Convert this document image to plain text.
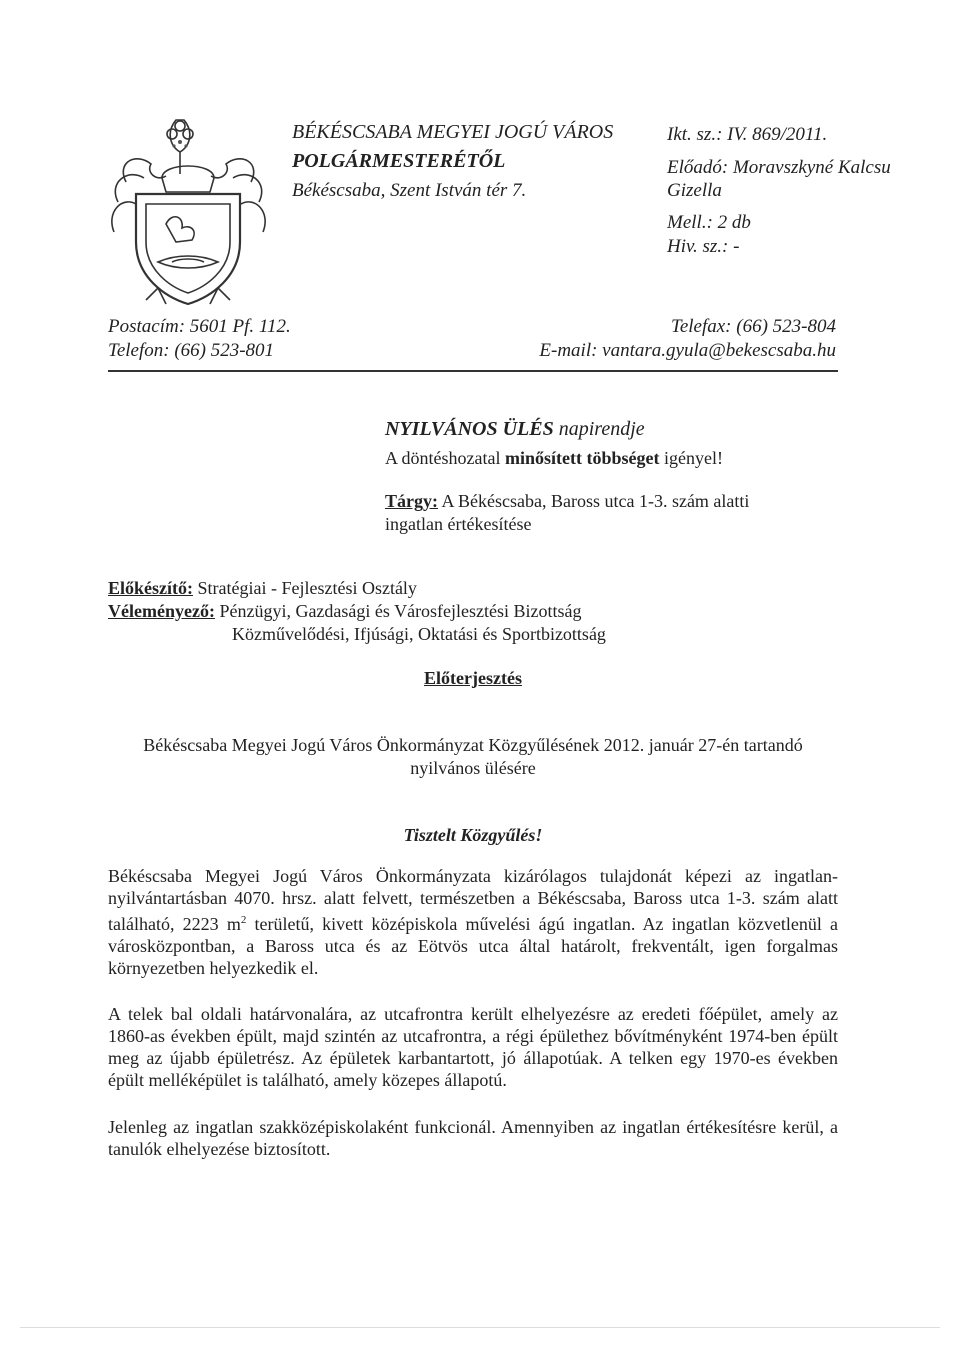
BÉKÉSCSABA MEGYEI JOGÚ VÁROS
POLGÁRMESTERÉTŐL
Békéscsaba, Szent István tér 7.
Ikt. sz.: IV. 869/2011.
Előadó: Moravszkyné Kalcsu
Gizella
Mell.: 2 db
Hiv. sz.: -
Postacím: 5601 Pf. 112.
Telefon: (66) 523-801
Telefax: (66) 523-804
E-mail: vantara.gyula@bekescsaba.hu
NYILVÁNOS ÜLÉS napirendje
A döntéshozatal minősített többséget igényel!
Tárgy: A Békéscsaba, Baross utca 1-3. szám alatti
ingatlan értékesítése
Előkészítő: Stratégiai - Fejlesztési Osztály
Véleményező: Pénzügyi, Gazdasági és Városfejlesztési Bizottság
Közművelődési, Ifjúsági, Oktatási és Sportbizottság
Előterjesztés
Békéscsaba Megyei Jogú Város Önkormányzat Közgyűlésének 2012. január 27-én tartandó
nyilvános ülésére
Tisztelt Közgyűlés!
Békéscsaba Megyei Jogú Város Önkormányzata kizárólagos tulajdonát képezi az ingatlan-nyilvántartásban 4070. hrsz. alatt felvett, természetben a Békéscsaba, Baross utca 1-3. szám alatt található, 2223 $m^2$ területű, kivett középiskola művelési ágú ingatlan. Az ingatlan közvetlenül a városközpontban, a Baross utca és az Eötvös utca által határolt, frekventált, igen forgalmas környezetben helyezkedik el.
A telek bal oldali határvonalára, az utcafrontra került elhelyezésre az eredeti főépület, amely az 1860-as években épült, majd szintén az utcafrontra, a régi épülethez bővítményként 1974-ben épült meg az újabb épületrész. Az épületek karbantartott, jó állapotúak. A telken egy 1970-es években épült melléképület is található, amely közepes állapotú.
Jelenleg az ingatlan szakközépiskolaként funkcionál. Amennyiben az ingatlan értékesítésre kerül, a tanulók elhelyezése biztosított.
